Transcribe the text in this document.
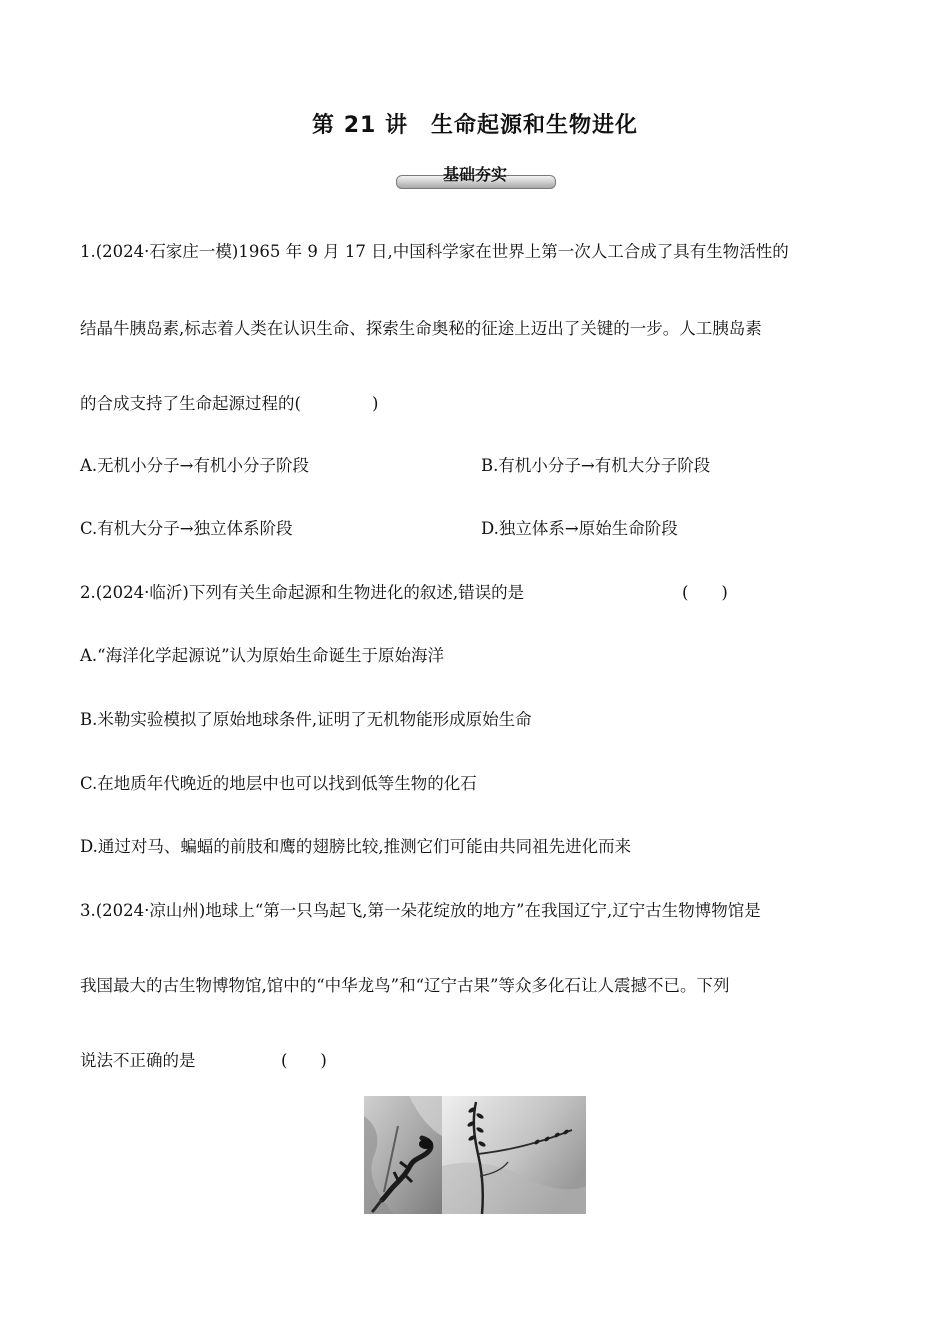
第 21 讲　生命起源和生物进化
基础夯实
1.(2024·石家庄一模)1965 年 9 月 17 日,中国科学家在世界上第一次人工合成了具有生物活性的
结晶牛胰岛素,标志着人类在认识生命、探索生命奥秘的征途上迈出了关键的一步。人工胰岛素
的合成支持了生命起源过程的(	)
A.无机小分子→有机小分子阶段	B.有机小分子→有机大分子阶段
C.有机大分子→独立体系阶段	D.独立体系→原始生命阶段
2.(2024·临沂)下列有关生命起源和生物进化的叙述,错误的是	(　　)
A.“海洋化学起源说”认为原始生命诞生于原始海洋
B.米勒实验模拟了原始地球条件,证明了无机物能形成原始生命
C.在地质年代晚近的地层中也可以找到低等生物的化石
D.通过对马、蝙蝠的前肢和鹰的翅膀比较,推测它们可能由共同祖先进化而来
3.(2024·凉山州)地球上“第一只鸟起飞,第一朵花绽放的地方”在我国辽宁,辽宁古生物博物馆是
我国最大的古生物博物馆,馆中的“中华龙鸟”和“辽宁古果”等众多化石让人震撼不已。下列
说法不正确的是	(　　)
